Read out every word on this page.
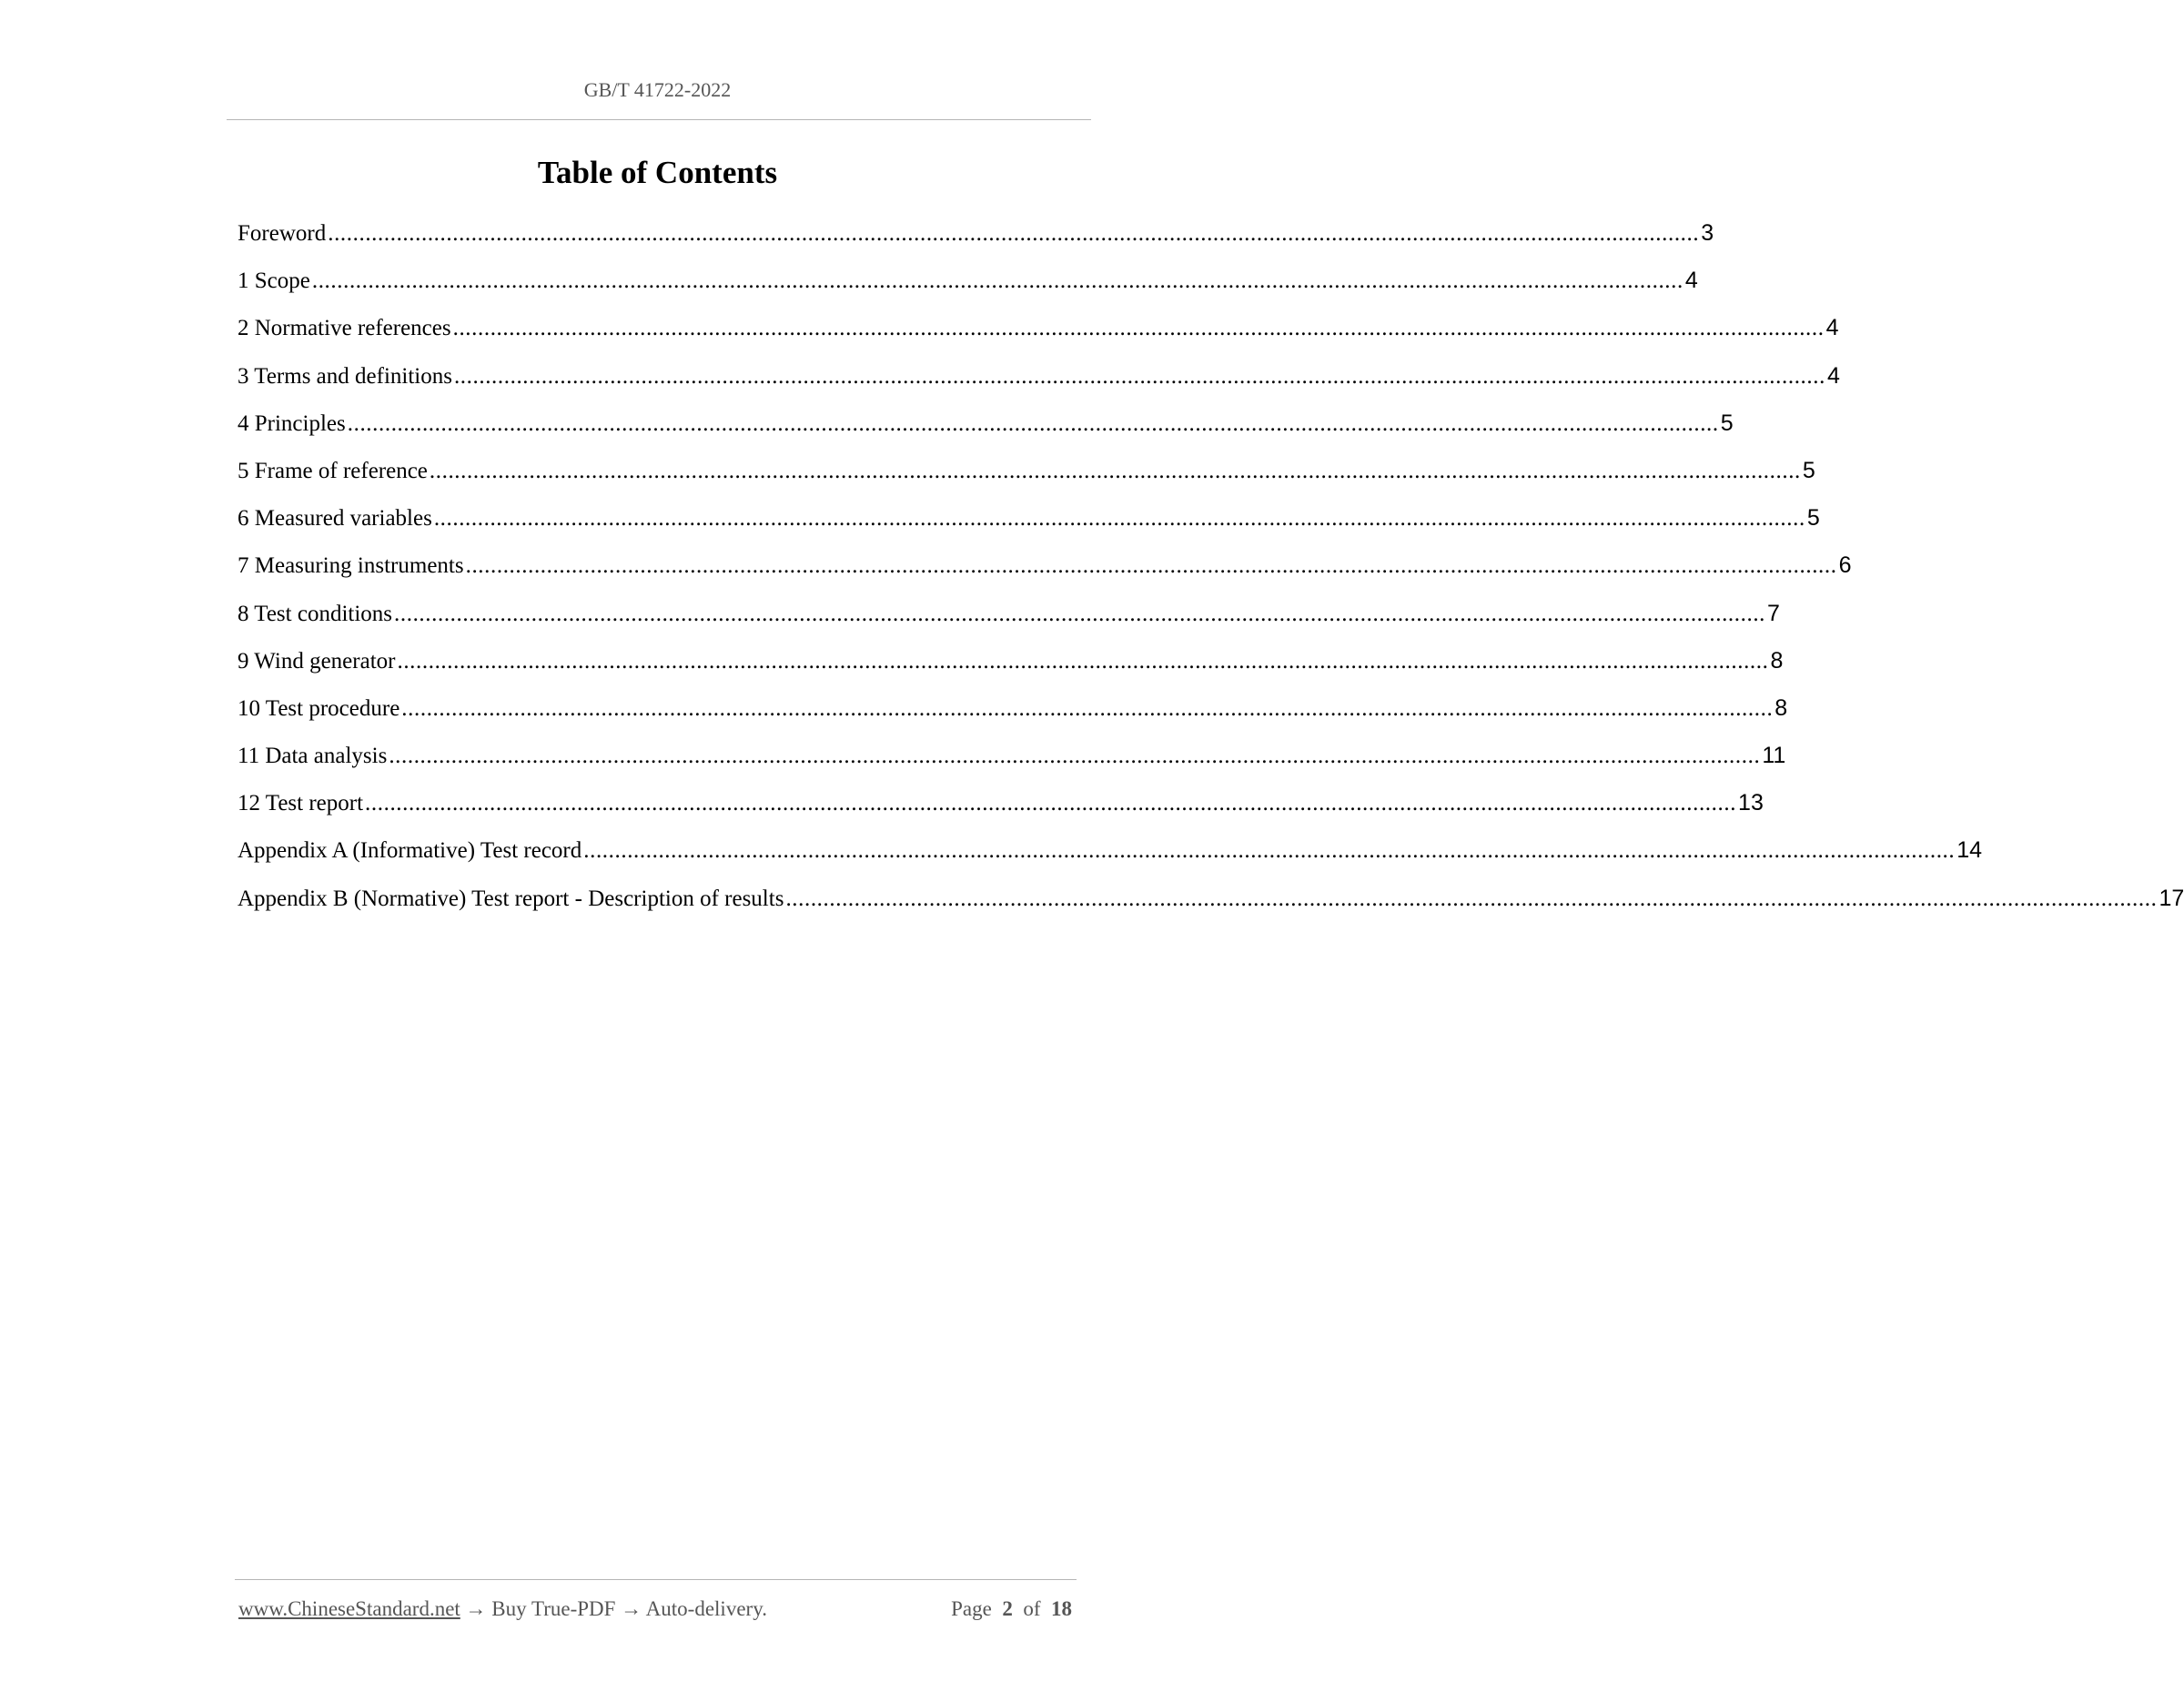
GB/T 41722-2022
Table of Contents
Foreword ............................................................................................................................................................................................................................ 3
1 Scope ............................................................................................................................................................................................................................ 4
2 Normative references ............................................................................................................................................................................................................................ 4
3 Terms and definitions ............................................................................................................................................................................................................................ 4
4 Principles ............................................................................................................................................................................................................................ 5
5 Frame of reference ............................................................................................................................................................................................................................ 5
6 Measured variables ............................................................................................................................................................................................................................ 5
7 Measuring instruments ............................................................................................................................................................................................................................ 6
8 Test conditions ............................................................................................................................................................................................................................ 7
9 Wind generator ............................................................................................................................................................................................................................ 8
10 Test procedure ............................................................................................................................................................................................................................ 8
11 Data analysis ............................................................................................................................................................................................................................ 11
12 Test report ............................................................................................................................................................................................................................ 13
Appendix A (Informative) Test record ............................................................................................................................................................................................................................ 14
Appendix B (Normative) Test report - Description of results ............................................................................................................................................................................................................................ 17
www.ChineseStandard.net → Buy True-PDF → Auto-delivery.	Page 2 of 18
